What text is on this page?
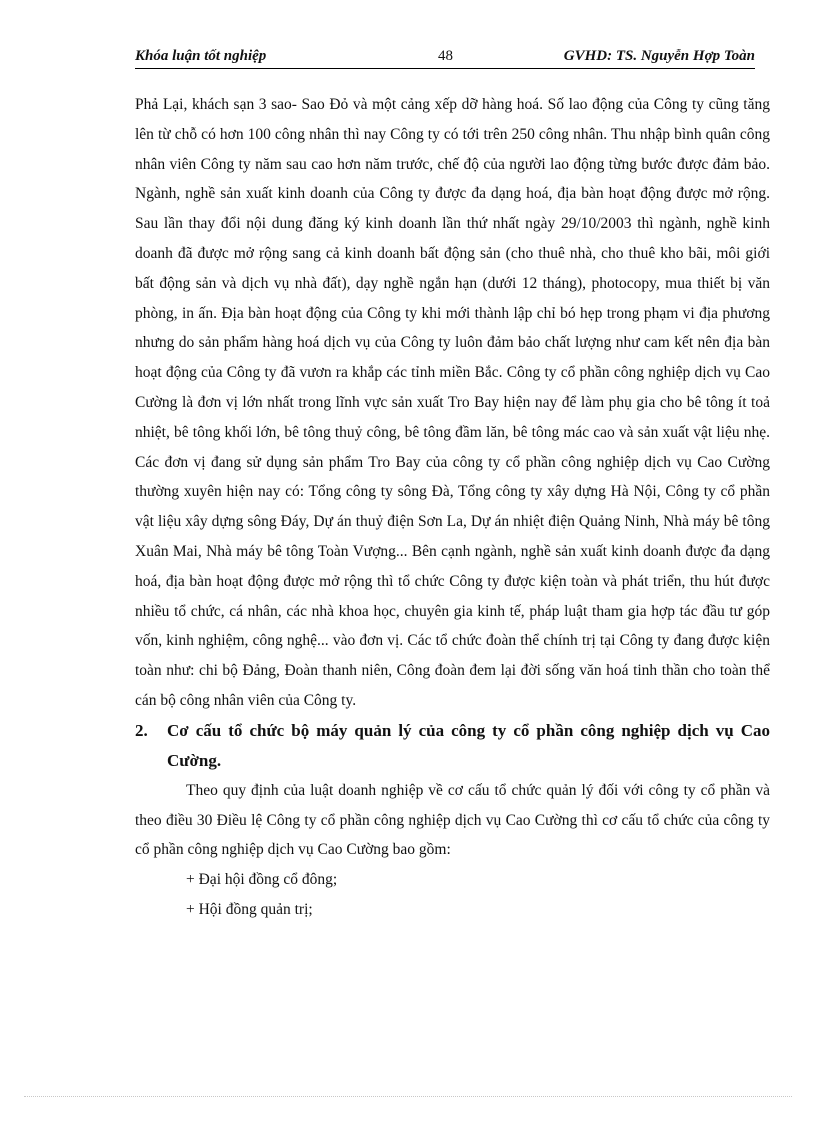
Khóa luận tốt nghiệp	48	GVHD: TS. Nguyễn Hợp Toàn

Phả Lại, khách sạn 3 sao- Sao Đỏ và một cảng xếp dỡ hàng hoá. Số lao động của Công ty cũng tăng lên từ chỗ có hơn 100 công nhân thì nay Công ty có tới trên 250 công nhân. Thu nhập bình quân công nhân viên Công ty năm sau cao hơn năm trước, chế độ của người lao động từng bước được đảm bảo. Ngành, nghề sản xuất kinh doanh của Công ty được đa dạng hoá, địa bàn hoạt động được mở rộng. Sau lần thay đổi nội dung đăng ký kinh doanh lần thứ nhất ngày 29/10/2003 thì ngành, nghề kinh doanh đã được mở rộng sang cả kinh doanh bất động sản (cho thuê nhà, cho thuê kho bãi, môi giới bất động sản và dịch vụ nhà đất), dạy nghề ngắn hạn (dưới 12 tháng), photocopy, mua thiết bị văn phòng, in ấn. Địa bàn hoạt động của Công ty khi mới thành lập chỉ bó hẹp trong phạm vi địa phương nhưng do sản phẩm hàng hoá dịch vụ của Công ty luôn đảm bảo chất lượng như cam kết nên địa bàn hoạt động của Công ty đã vươn ra khắp các tỉnh miền Bắc. Công ty cổ phần công nghiệp dịch vụ Cao Cường là đơn vị lớn nhất trong lĩnh vực sản xuất Tro Bay hiện nay để làm phụ gia cho bê tông ít toả nhiệt, bê tông khối lớn, bê tông thuỷ công, bê tông đầm lăn, bê tông mác cao và sản xuất vật liệu nhẹ. Các đơn vị đang sử dụng sản phẩm Tro Bay của công ty cổ phần công nghiệp dịch vụ Cao Cường thường xuyên hiện nay có: Tổng công ty sông Đà, Tổng công ty xây dựng Hà Nội, Công ty cổ phần vật liệu xây dựng sông Đáy, Dự án thuỷ điện Sơn La, Dự án nhiệt điện Quảng Ninh, Nhà máy bê tông Xuân Mai, Nhà máy bê tông Toàn Vượng... Bên cạnh ngành, nghề sản xuất kinh doanh được đa dạng hoá, địa bàn hoạt động được mở rộng thì tổ chức Công ty được kiện toàn và phát triển, thu hút được nhiều tổ chức, cá nhân, các nhà khoa học, chuyên gia kinh tế, pháp luật tham gia hợp tác đầu tư góp vốn, kinh nghiệm, công nghệ... vào đơn vị. Các tổ chức đoàn thể chính trị tại Công ty đang được kiện toàn như: chi bộ Đảng, Đoàn thanh niên, Công đoàn đem lại đời sống văn hoá tinh thần cho toàn thể cán bộ công nhân viên của Công ty.

2. Cơ cấu tổ chức bộ máy quản lý của công ty cổ phần công nghiệp dịch vụ Cao Cường.

Theo quy định của luật doanh nghiệp về cơ cấu tổ chức quản lý đối với công ty cổ phần và theo điều 30 Điều lệ Công ty cổ phần công nghiệp dịch vụ Cao Cường thì cơ cấu tổ chức của công ty cổ phần công nghiệp dịch vụ Cao Cường bao gồm:

+ Đại hội đồng cổ đông;

+ Hội đồng quản trị;
